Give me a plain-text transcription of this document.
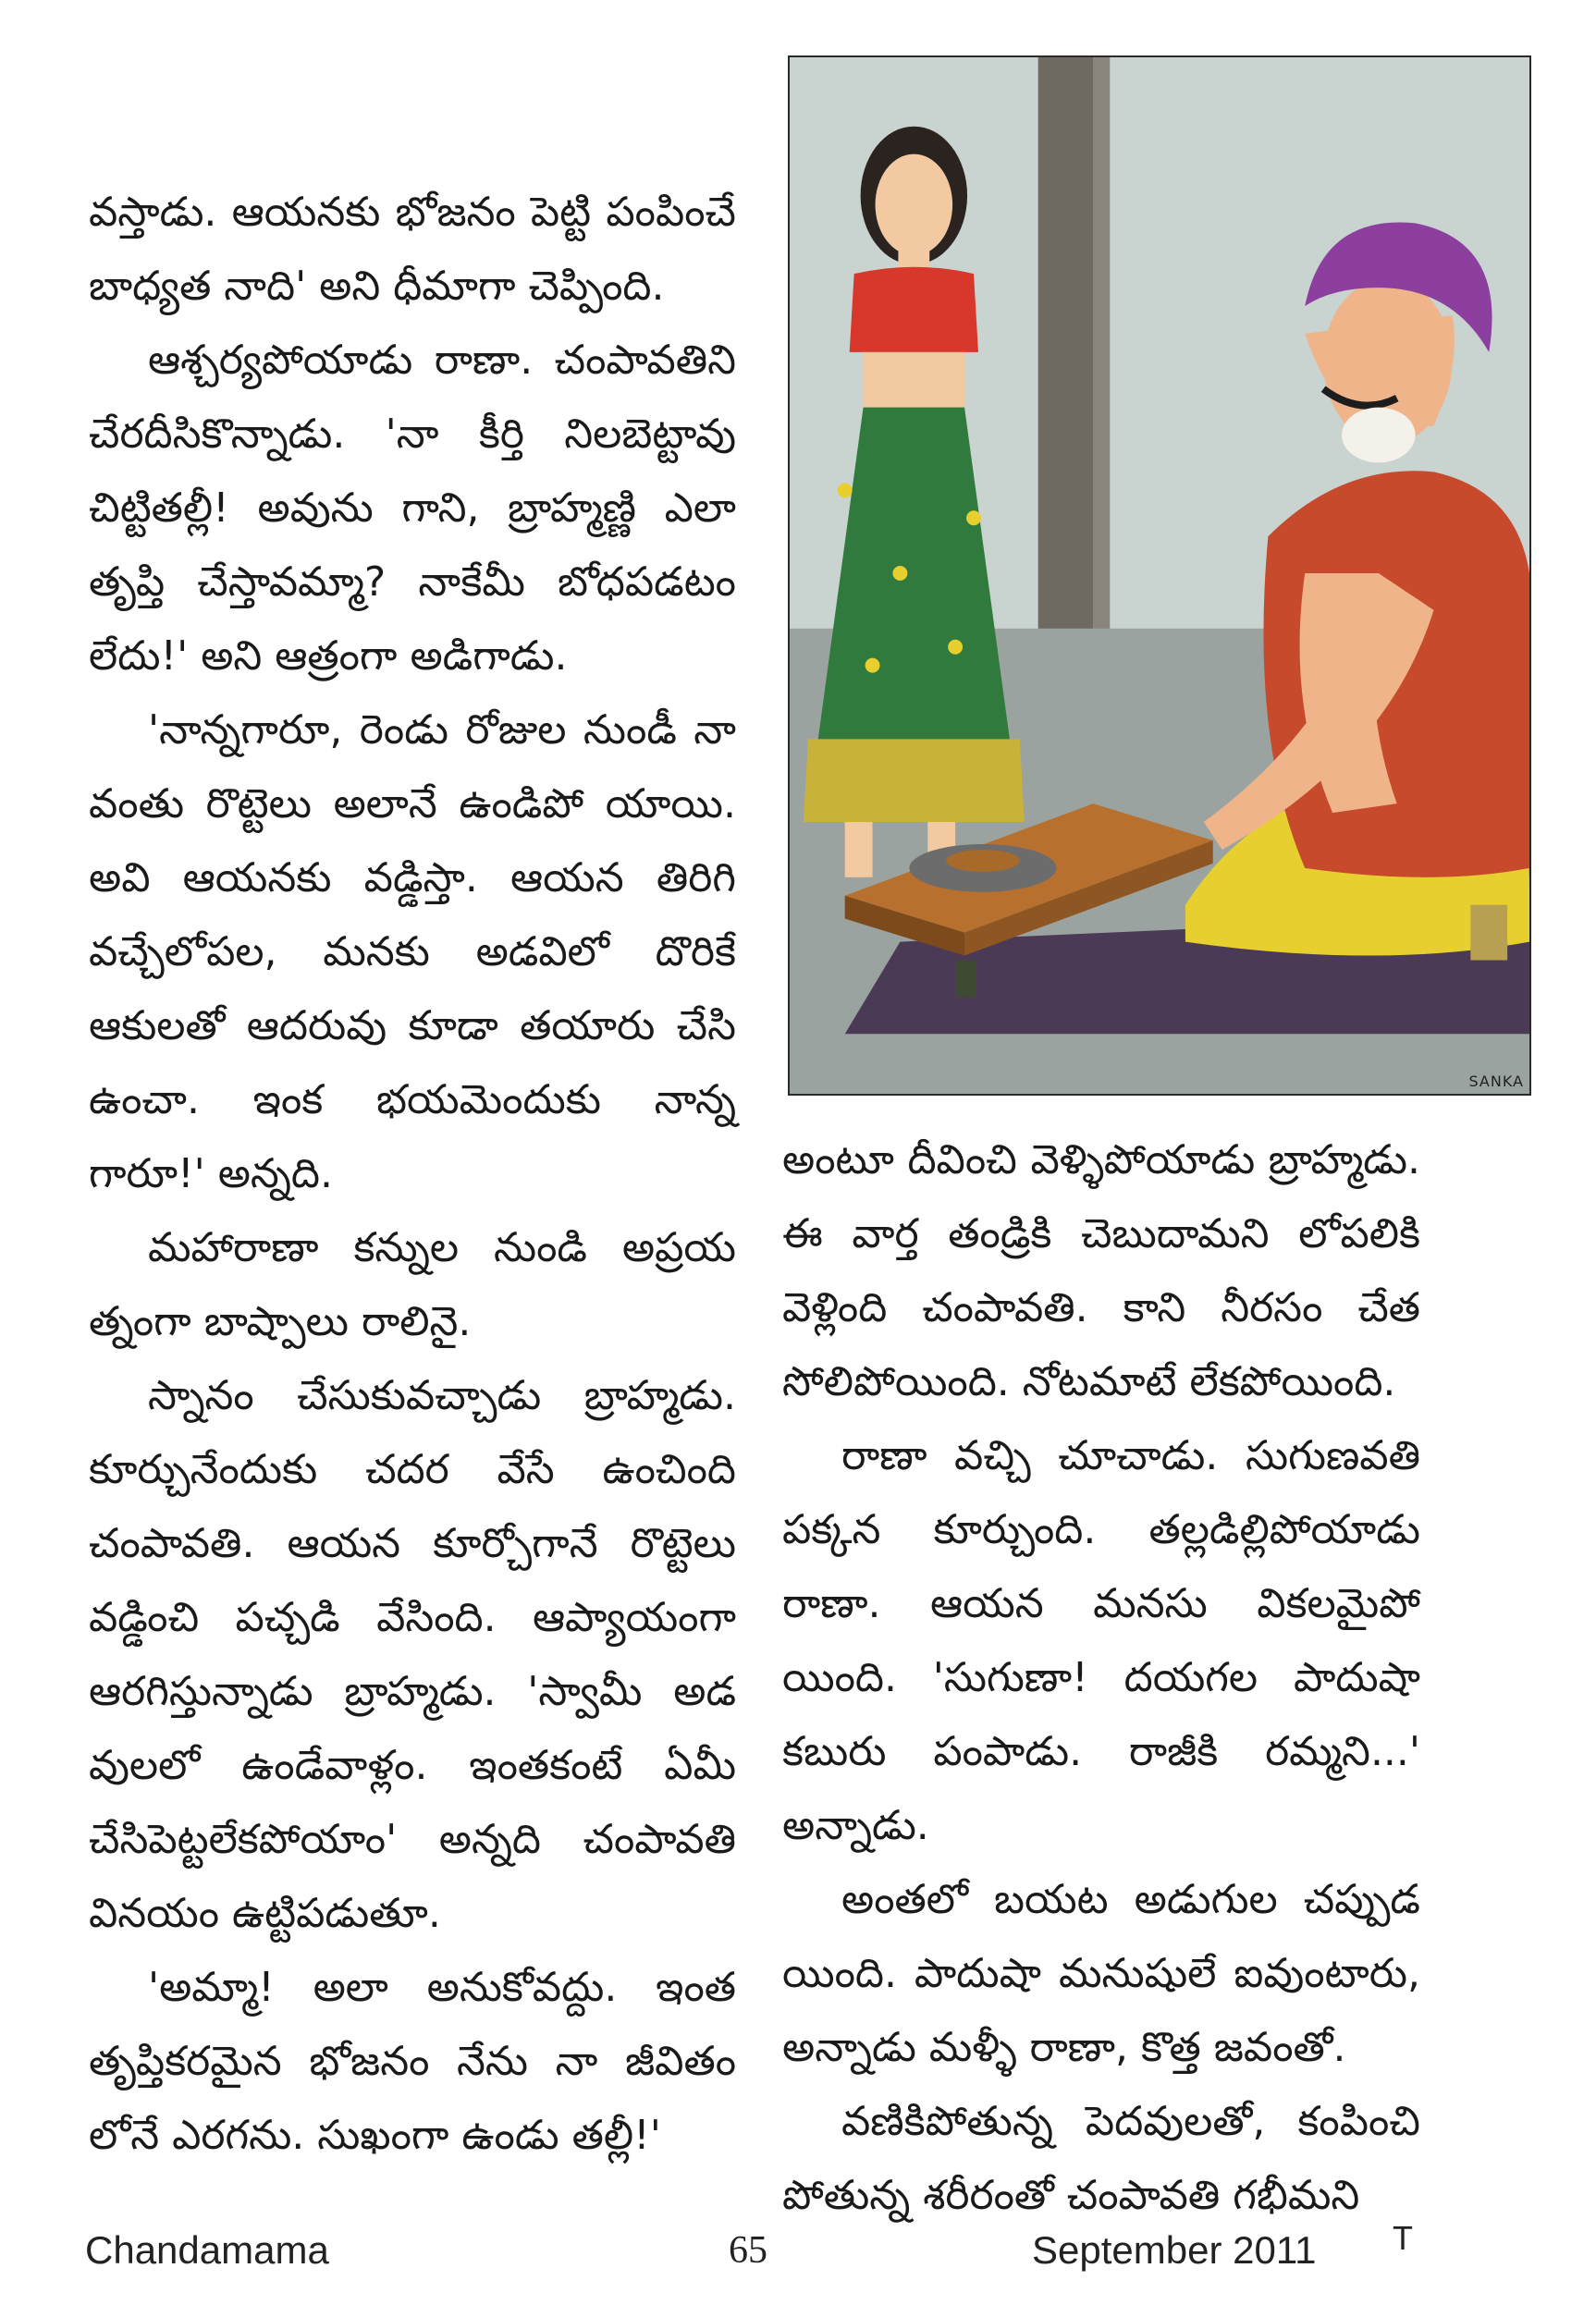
వస్తాడు. ఆయనకు భోజనం పెట్టి పంపించే బాధ్యత నాది' అని ధీమాగా చెప్పింది.

ఆశ్చర్యపోయాడు రాణా. చంపావతిని చేరదీసికొన్నాడు. 'నా కీర్తి నిలబెట్టావు చిట్టితల్లీ! అవును గాని, బ్రాహ్మణ్ణి ఎలా తృప్తి చేస్తావమ్మా? నాకేమీ బోధపడటం లేదు!' అని ఆత్రంగా అడిగాడు.

'నాన్నగారూ, రెండు రోజుల నుండీ నా వంతు రొట్టెలు అలానే ఉండిపో యాయి. అవి ఆయనకు వడ్డిస్తా. ఆయన తిరిగి వచ్చేలోపల, మనకు అడవిలో దొరికే ఆకులతో ఆదరువు కూడా తయారు చేసి ఉంచా. ఇంక భయమెందుకు నాన్న గారూ!' అన్నది.

మహారాణా కన్నుల నుండి అప్రయ త్నంగా బాష్పాలు రాలినై.

స్నానం చేసుకువచ్చాడు బ్రాహ్మడు. కూర్చునేందుకు చదర వేసే ఉంచింది చంపావతి. ఆయన కూర్చోగానే రొట్టెలు వడ్డించి పచ్చడి వేసింది. ఆప్యాయంగా ఆరగిస్తున్నాడు బ్రాహ్మడు. 'స్వామీ అడ వులలో ఉండేవాళ్లం. ఇంతకంటే ఏమీ చేసిపెట్టలేకపోయాం' అన్నది చంపావతి వినయం ఉట్టిపడుతూ.

'అమ్మా! అలా అనుకోవద్దు. ఇంత తృప్తికరమైన భోజనం నేను నా జీవితం లోనే ఎరగను. సుఖంగా ఉండు తల్లీ!'

SANKA

అంటూ దీవించి వెళ్ళిపోయాడు బ్రాహ్మడు. ఈ వార్త తండ్రికి చెబుదామని లోపలికి వెళ్లింది చంపావతి. కాని నీరసం చేత సోలిపోయింది. నోటమాటే లేకపోయింది.

రాణా వచ్చి చూచాడు. సుగుణవతి పక్కన కూర్చుంది. తల్లడిల్లిపోయాడు రాణా. ఆయన మనసు వికలమైపో యింది. 'సుగుణా! దయగల పాదుషా కబురు పంపాడు. రాజీకి రమ్మని...' అన్నాడు.

అంతలో బయట అడుగుల చప్పుడ యింది. పాదుషా మనుషులే ఐవుంటారు, అన్నాడు మళ్ళీ రాణా, కొత్త జవంతో.

వణికిపోతున్న పెదవులతో, కంపించి పోతున్న శరీరంతో చంపావతి గభీమని

Chandamama	65	September 2011 T
